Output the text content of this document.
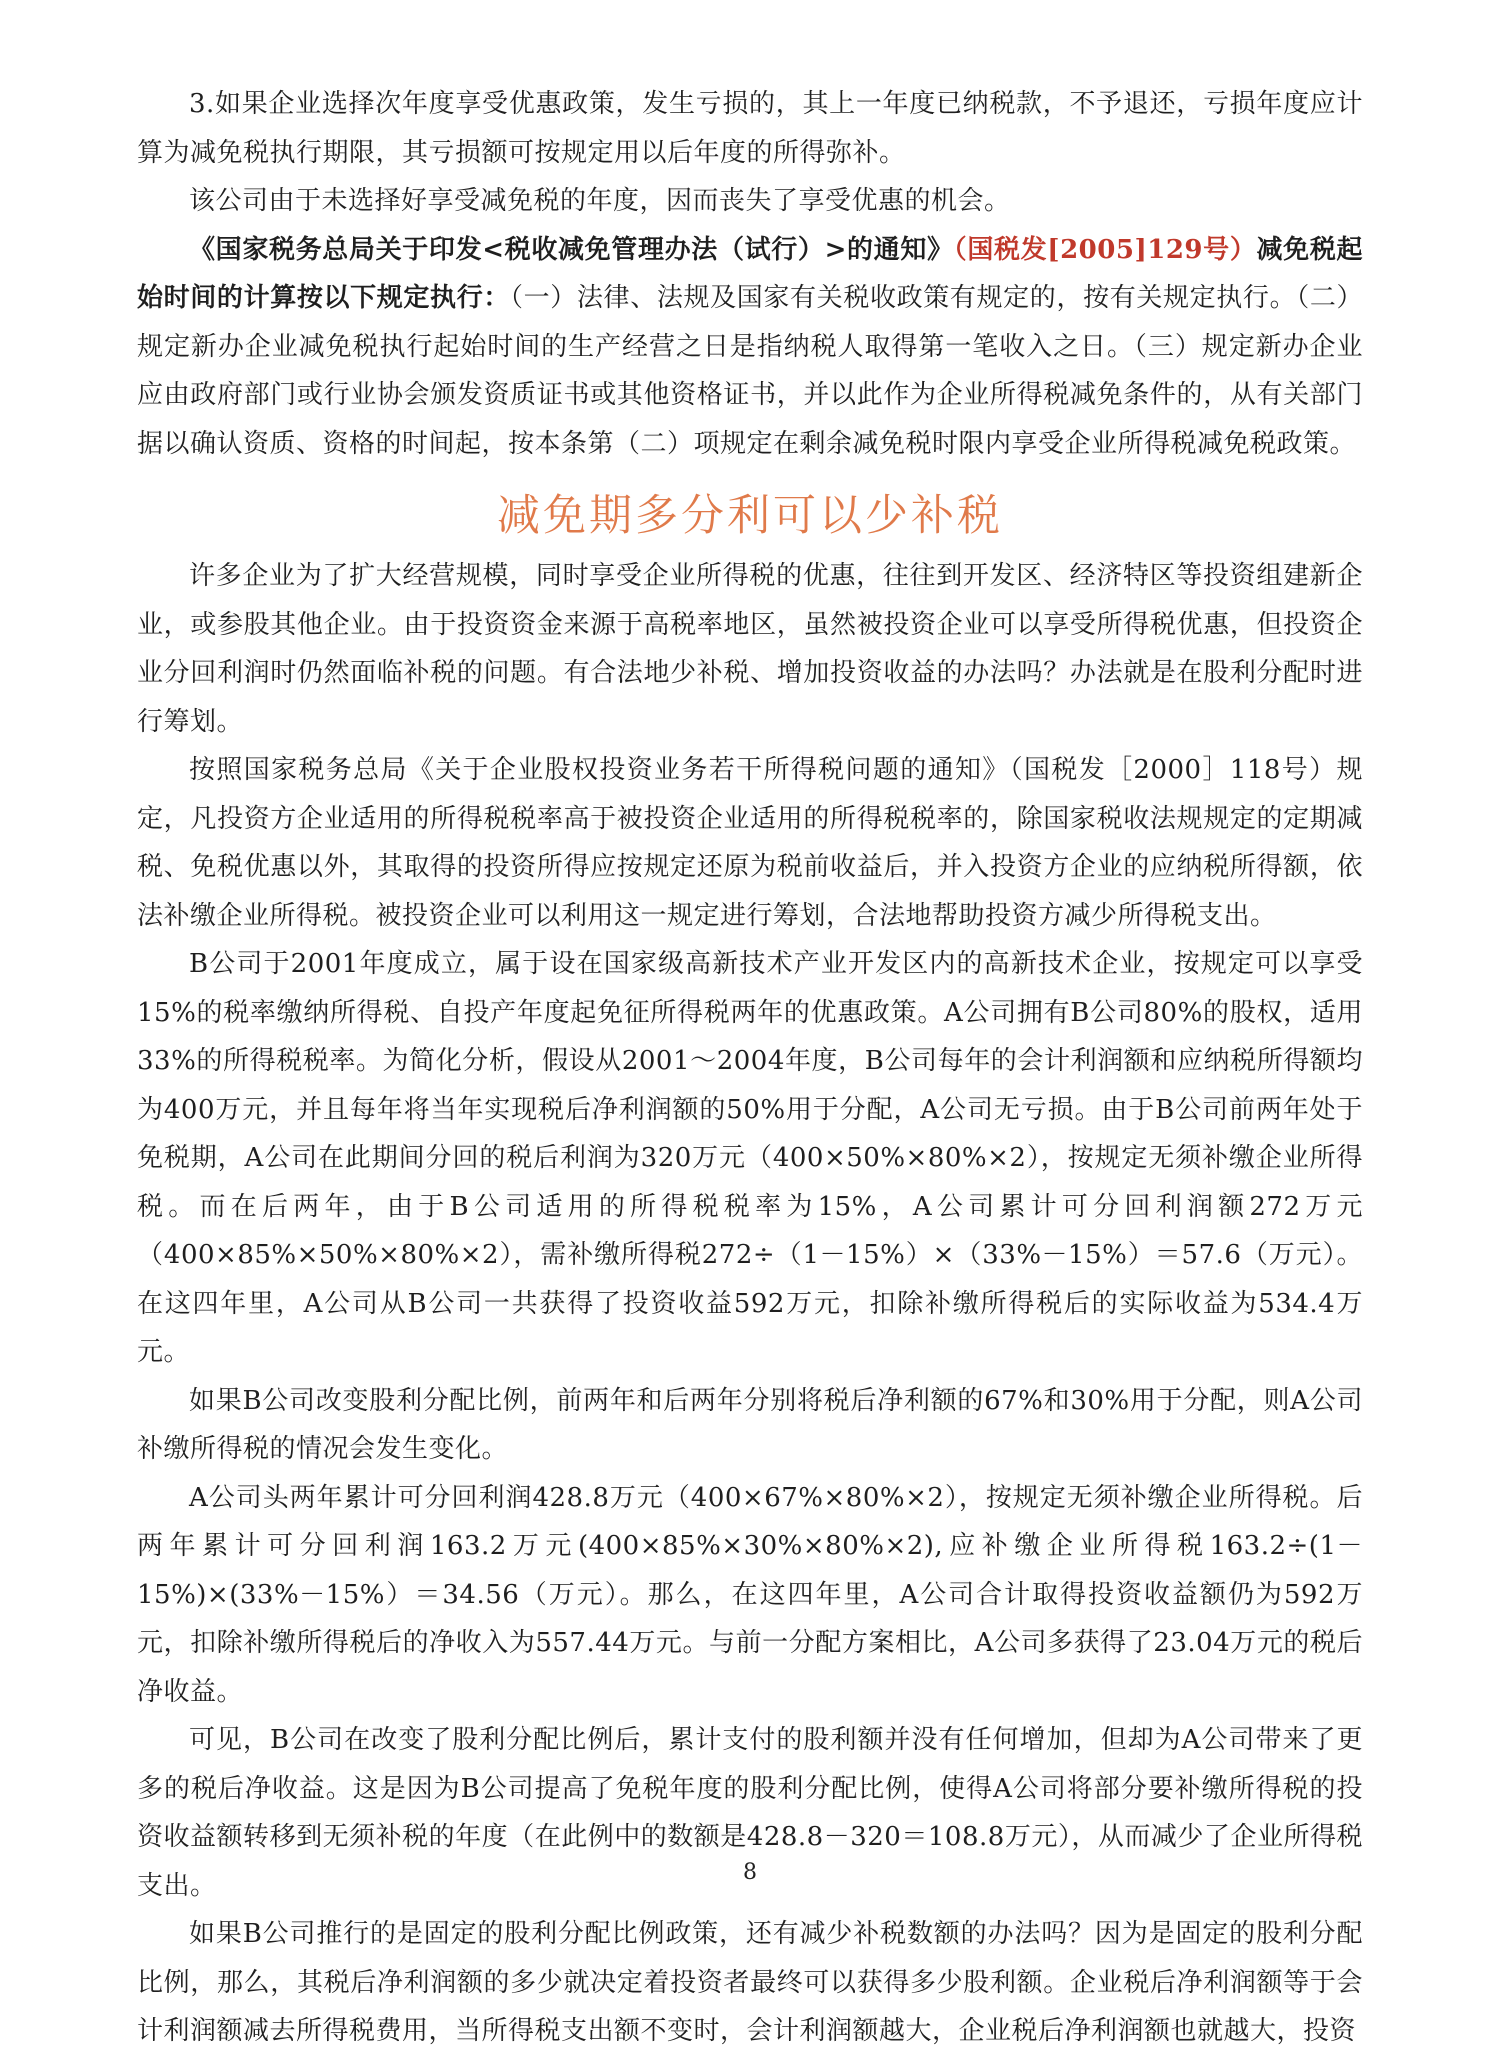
3.如果企业选择次年度享受优惠政策，发生亏损的，其上一年度已纳税款，不予退还，亏损年度应计算为减免税执行期限，其亏损额可按规定用以后年度的所得弥补。

该公司由于未选择好享受减免税的年度，因而丧失了享受优惠的机会。

《国家税务总局关于印发<税收减免管理办法（试行）>的通知》（国税发[2005]129号）减免税起始时间的计算按以下规定执行：（一）法律、法规及国家有关税收政策有规定的，按有关规定执行。（二）规定新办企业减免税执行起始时间的生产经营之日是指纳税人取得第一笔收入之日。（三）规定新办企业应由政府部门或行业协会颁发资质证书或其他资格证书，并以此作为企业所得税减免条件的，从有关部门据以确认资质、资格的时间起，按本条第（二）项规定在剩余减免税时限内享受企业所得税减免税政策。

减免期多分利可以少补税

许多企业为了扩大经营规模，同时享受企业所得税的优惠，往往到开发区、经济特区等投资组建新企业，或参股其他企业。由于投资资金来源于高税率地区，虽然被投资企业可以享受所得税优惠，但投资企业分回利润时仍然面临补税的问题。有合法地少补税、增加投资收益的办法吗？办法就是在股利分配时进行筹划。

按照国家税务总局《关于企业股权投资业务若干所得税问题的通知》（国税发［2000］118号）规定，凡投资方企业适用的所得税税率高于被投资企业适用的所得税税率的，除国家税收法规规定的定期减税、免税优惠以外，其取得的投资所得应按规定还原为税前收益后，并入投资方企业的应纳税所得额，依法补缴企业所得税。被投资企业可以利用这一规定进行筹划，合法地帮助投资方减少所得税支出。

B公司于2001年度成立，属于设在国家级高新技术产业开发区内的高新技术企业，按规定可以享受15%的税率缴纳所得税、自投产年度起免征所得税两年的优惠政策。A公司拥有B公司80%的股权，适用33%的所得税税率。为简化分析，假设从2001～2004年度，B公司每年的会计利润额和应纳税所得额均为400万元，并且每年将当年实现税后净利润额的50%用于分配，A公司无亏损。由于B公司前两年处于免税期，A公司在此期间分回的税后利润为320万元（400×50%×80%×2），按规定无须补缴企业所得税。而在后两年，由于B公司适用的所得税税率为15%，A公司累计可分回利润额272万元（400×85%×50%×80%×2），需补缴所得税272÷（1－15%）×（33%－15%）＝57.6（万元）。在这四年里，A公司从B公司一共获得了投资收益592万元，扣除补缴所得税后的实际收益为534.4万元。

如果B公司改变股利分配比例，前两年和后两年分别将税后净利额的67%和30%用于分配，则A公司补缴所得税的情况会发生变化。

A公司头两年累计可分回利润428.8万元（400×67%×80%×2），按规定无须补缴企业所得税。后两年累计可分回利润163.2万元(400×85%×30%×80%×2),应补缴企业所得税163.2÷(1－15%)×(33%－15%）＝34.56（万元）。那么，在这四年里，A公司合计取得投资收益额仍为592万元，扣除补缴所得税后的净收入为557.44万元。与前一分配方案相比，A公司多获得了23.04万元的税后净收益。

可见，B公司在改变了股利分配比例后，累计支付的股利额并没有任何增加，但却为A公司带来了更多的税后净收益。这是因为B公司提高了免税年度的股利分配比例，使得A公司将部分要补缴所得税的投资收益额转移到无须补税的年度（在此例中的数额是428.8－320＝108.8万元），从而减少了企业所得税支出。

如果B公司推行的是固定的股利分配比例政策，还有减少补税数额的办法吗？因为是固定的股利分配比例，那么，其税后净利润额的多少就决定着投资者最终可以获得多少股利额。企业税后净利润额等于会计利润额减去所得税费用，当所得税支出额不变时，会计利润额越大，企业税后净利润额也就越大，投资

8
